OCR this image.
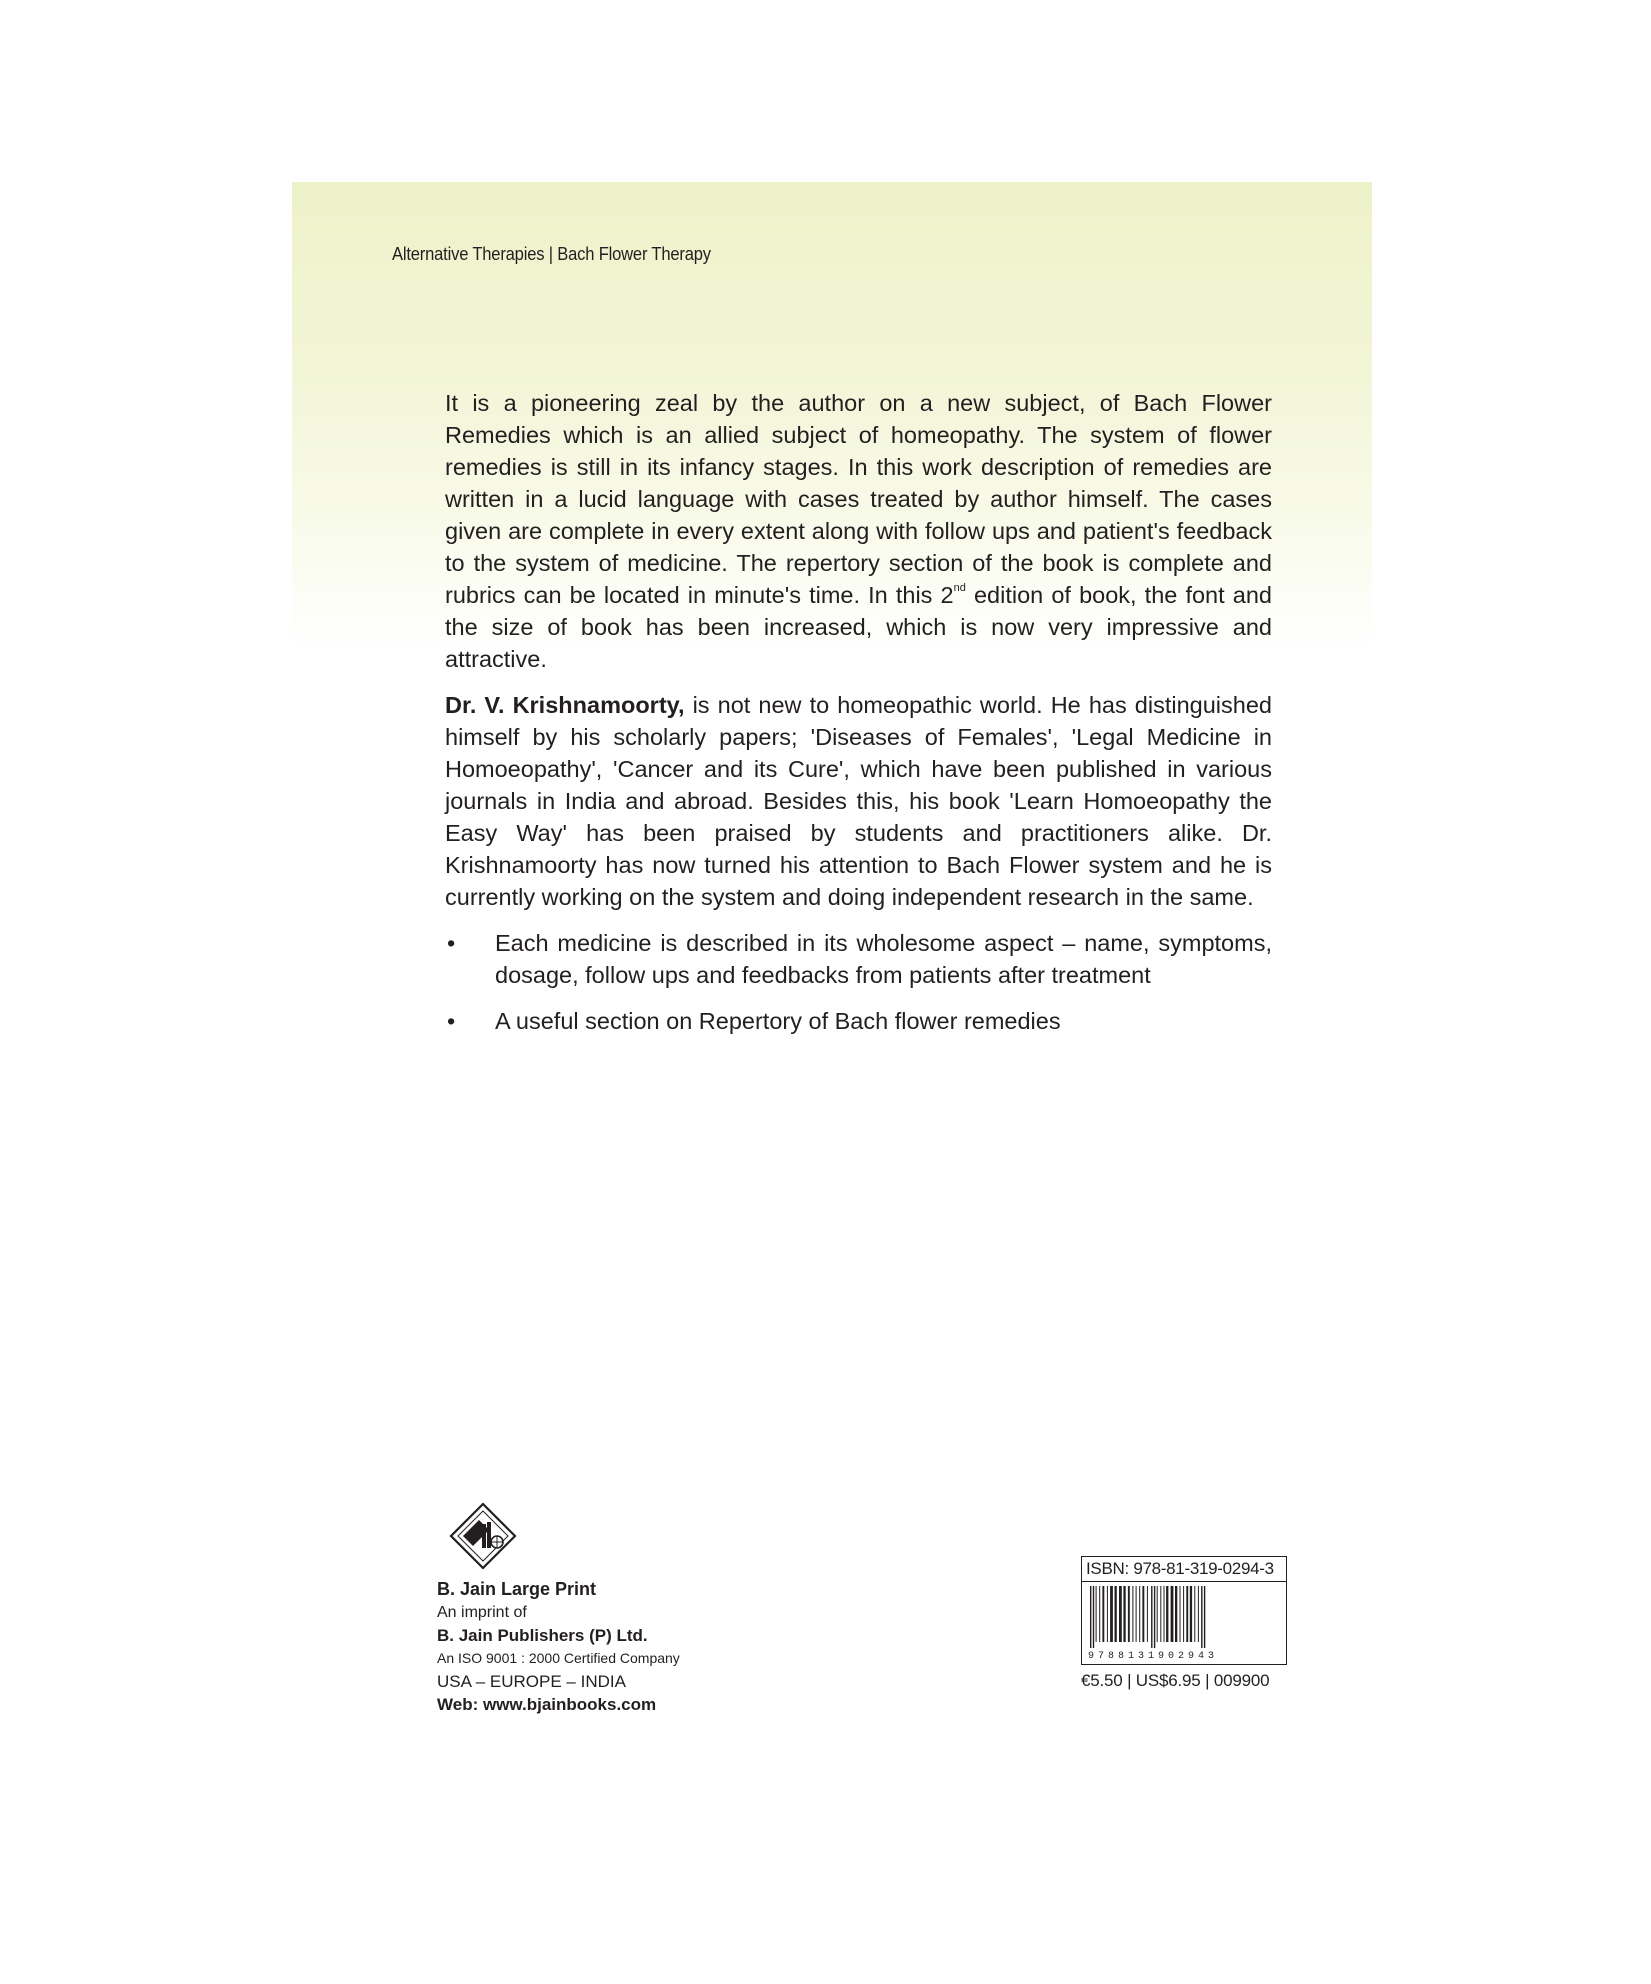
Alternative Therapies | Bach Flower Therapy

It is a pioneering zeal by the author on a new subject, of Bach Flower Remedies which is an allied subject of homeopathy. The system of flower remedies is still in its infancy stages. In this work description of remedies are written in a lucid language with cases treated by author himself. The cases given are complete in every extent along with follow ups and patient's feedback to the system of medicine. The repertory section of the book is complete and rubrics can be located in minute's time. In this 2nd edition of book, the font and the size of book has been increased, which is now very impressive and attractive.

Dr. V. Krishnamoorty, is not new to homeopathic world. He has distinguished himself by his scholarly papers; 'Diseases of Females', 'Legal Medicine in Homoeopathy', 'Cancer and its Cure', which have been published in various journals in India and abroad. Besides this, his book 'Learn Homoeopathy the Easy Way' has been praised by students and practitioners alike. Dr. Krishnamoorty has now turned his attention to Bach Flower system and he is currently working on the system and doing independent research in the same.

• Each medicine is described in its wholesome aspect – name, symptoms, dosage, follow ups and feedbacks from patients after treatment
• A useful section on Repertory of Bach flower remedies
B. Jain Large Print
An imprint of
B. Jain Publishers (P) Ltd.
An ISO 9001 : 2000 Certified Company
USA – EUROPE – INDIA
Web: www.bjainbooks.com
ISBN: 978-81-319-0294-3
9788131902943
€5.50 | US$6.95 | 009900
